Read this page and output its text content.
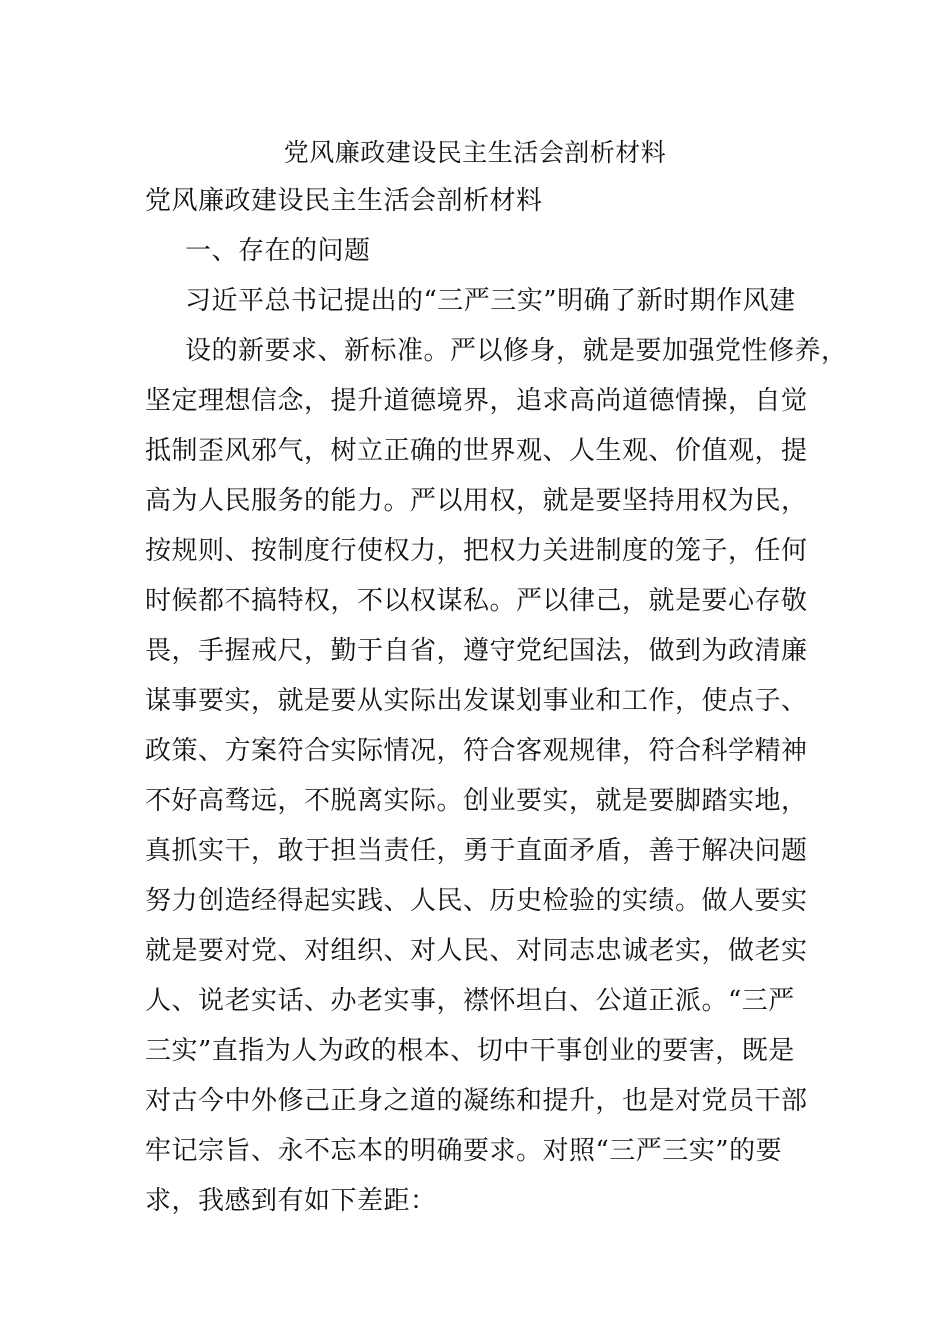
党风廉政建设民主生活会剖析材料
党风廉政建设民主生活会剖析材料
一、存在的问题
习近平总书记提出的“三严三实”明确了新时期作风建
设的新要求、新标准。严以修身，就是要加强党性修养，
坚定理想信念，提升道德境界，追求高尚道德情操，自觉
抵制歪风邪气，树立正确的世界观、人生观、价值观，提
高为人民服务的能力。严以用权，就是要坚持用权为民，
按规则、按制度行使权力，把权力关进制度的笼子，任何
时候都不搞特权，不以权谋私。严以律己，就是要心存敬
畏，手握戒尺，勤于自省，遵守党纪国法，做到为政清廉
谋事要实，就是要从实际出发谋划事业和工作，使点子、
政策、方案符合实际情况，符合客观规律，符合科学精神
不好高骛远，不脱离实际。创业要实，就是要脚踏实地，
真抓实干，敢于担当责任，勇于直面矛盾，善于解决问题
努力创造经得起实践、人民、历史检验的实绩。做人要实
就是要对党、对组织、对人民、对同志忠诚老实，做老实
人、说老实话、办老实事，襟怀坦白、公道正派。“三严
三实”直指为人为政的根本、切中干事创业的要害，既是
对古今中外修己正身之道的凝练和提升，也是对党员干部
牢记宗旨、永不忘本的明确要求。对照“三严三实”的要
求，我感到有如下差距：
